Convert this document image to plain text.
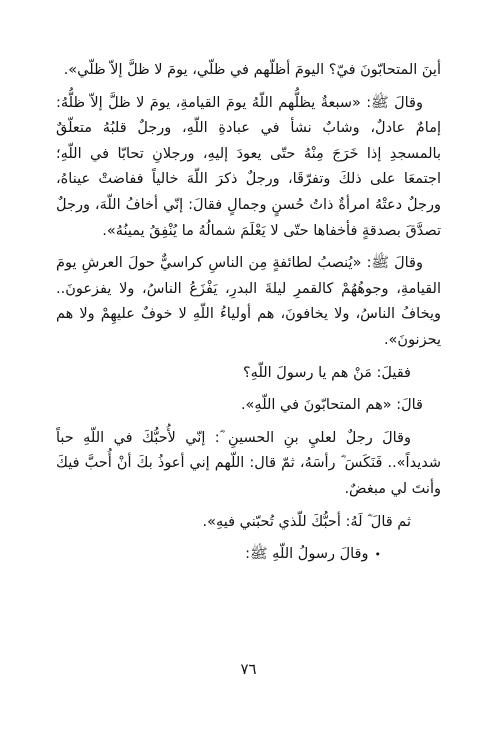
أينَ المتحابّونَ فيّ؟ اليومَ أظلّهم في ظلّي، يومَ لا ظلَّ إلاّ ظلّي».

وقالَ ﷺ: «سبعةٌ يظلُّهم اللّهُ يومَ القيامةِ، يومَ لا ظلَّ إلاّ ظلُّهُ: إمامٌ عادلٌ، وشابٌ نشأ في عبادةِ اللّهِ، ورجلٌ قلبُهُ متعلّقٌ بالمسجدِ إذا خَرَجَ مِنْهُ حتّى يعودَ إليهِ، ورجلانِ تحابّا في اللّهِ؛ اجتمعَا على ذلكَ وتفرّقَا، ورجلٌ ذكرَ اللّهَ خالياً ففاضتْ عيناهُ، ورجلٌ دعتْهُ امرأةٌ ذاتُ حُسنٍ وجمالٍ فقالَ: إنّي أخافُ اللّهَ، ورجلٌ تصدَّقَ بصدقةٍ فأخفاها حتّى لا يَعْلَمَ شمالُهُ ما يُنْفِقُ يمينُهُ».

وقالَ ﷺ: «يُنصبُ لطائفةٍ مِن الناسِ كراسيٌّ حولَ العرشِ يومَ القيامةِ، وجوهُهُمْ كالقمرِ ليلةَ البدرِ، يَفْزَعُ الناسُ، ولا يفزعونَ.. ويخافُ الناسُ، ولا يخافونَ، هم أولياءُ اللّهِ لا خوفٌ عليهِمْ ولا هم يحزنونَ».

فقيلَ: مَنْ هم يا رسولَ اللّهِ؟

قالَ: «هم المتحابّونَ في اللّهِ».

وقالَ رجلٌ لعليِ بنِ الحسينِ ؓ: إنّي لأُحبُّكَ في اللّهِ حباً شديداً».. فَنَكَسَ ؓ رأسَهُ، ثمّ قال: اللّهم إني أعوذُ بكَ أنْ أُحبَّ فيكَ وأنتَ لي مبغضٌ.

ثم قالَ ؓ لَهُ: أحبُّكَ للّذي تُحبّني فيهِ».

•وقالَ رسولُ اللّهِ ﷺ:

٧٦
